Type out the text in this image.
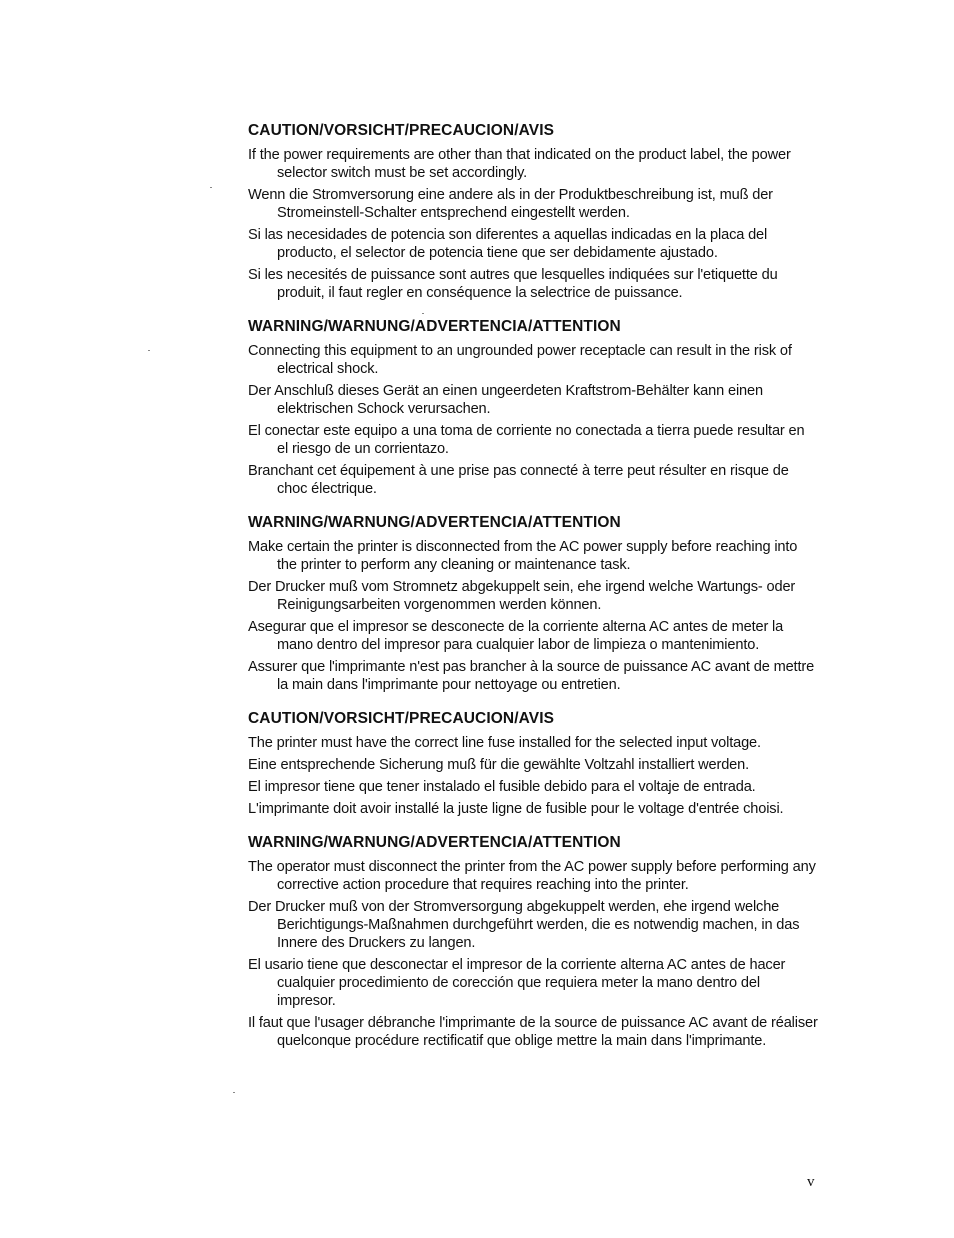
CAUTION/VORSICHT/PRECAUCION/AVIS

If the power requirements are other than that indicated on the product label, the power selector switch must be set accordingly.

Wenn die Stromversorung eine andere als in der Produktbeschreibung ist, muß der Stromeinstell-Schalter entsprechend eingestellt werden.

Si las necesidades de potencia son diferentes a aquellas indicadas en la placa del producto, el selector de potencia tiene que ser debidamente ajustado.

Si les necesités de puissance sont autres que lesquelles indiquées sur l'etiquette du produit, il faut regler en conséquence la selectrice de puissance.

WARNING/WARNUNG/ADVERTENCIA/ATTENTION

Connecting this equipment to an ungrounded power receptacle can result in the risk of electrical shock.

Der Anschluß dieses Gerät an einen ungeerdeten Kraftstrom-Behälter kann einen elektrischen Schock verursachen.

El conectar este equipo a una toma de corriente no conectada a tierra puede resultar en el riesgo de un corrientazo.

Branchant cet équipement à une prise pas connecté à terre peut résulter en risque de choc électrique.

WARNING/WARNUNG/ADVERTENCIA/ATTENTION

Make certain the printer is disconnected from the AC power supply before reaching into the printer to perform any cleaning or maintenance task.

Der Drucker muß vom Stromnetz abgekuppelt sein, ehe irgend welche Wartungs- oder Reinigungsarbeiten vorgenommen werden können.

Asegurar que el impresor se desconecte de la corriente alterna AC antes de meter la mano dentro del impresor para cualquier labor de limpieza o mantenimiento.

Assurer que l'imprimante n'est pas brancher à la source de puissance AC avant de mettre la main dans l'imprimante pour nettoyage ou entretien.

CAUTION/VORSICHT/PRECAUCION/AVIS

The printer must have the correct line fuse installed for the selected input voltage.

Eine entsprechende Sicherung muß für die gewählte Voltzahl installiert werden.

El impresor tiene que tener instalado el fusible debido para el voltaje de entrada.

L'imprimante doit avoir installé la juste ligne de fusible pour le voltage d'entrée choisi.

WARNING/WARNUNG/ADVERTENCIA/ATTENTION

The operator must disconnect the printer from the AC power supply before performing any corrective action procedure that requires reaching into the printer.

Der Drucker muß von der Stromversorgung abgekuppelt werden, ehe irgend welche Berichtigungs-Maßnahmen durchgeführt werden, die es notwendig machen, in das Innere des Druckers zu langen.

El usario tiene que desconectar el impresor de la corriente alterna AC antes de hacer cualquier procedimiento de corección que requiera meter la mano dentro del impresor.

Il faut que l'usager débranche l'imprimante de la source de puissance AC avant de réaliser quelconque procédure rectificatif que oblige mettre la main dans l'imprimante.

v
